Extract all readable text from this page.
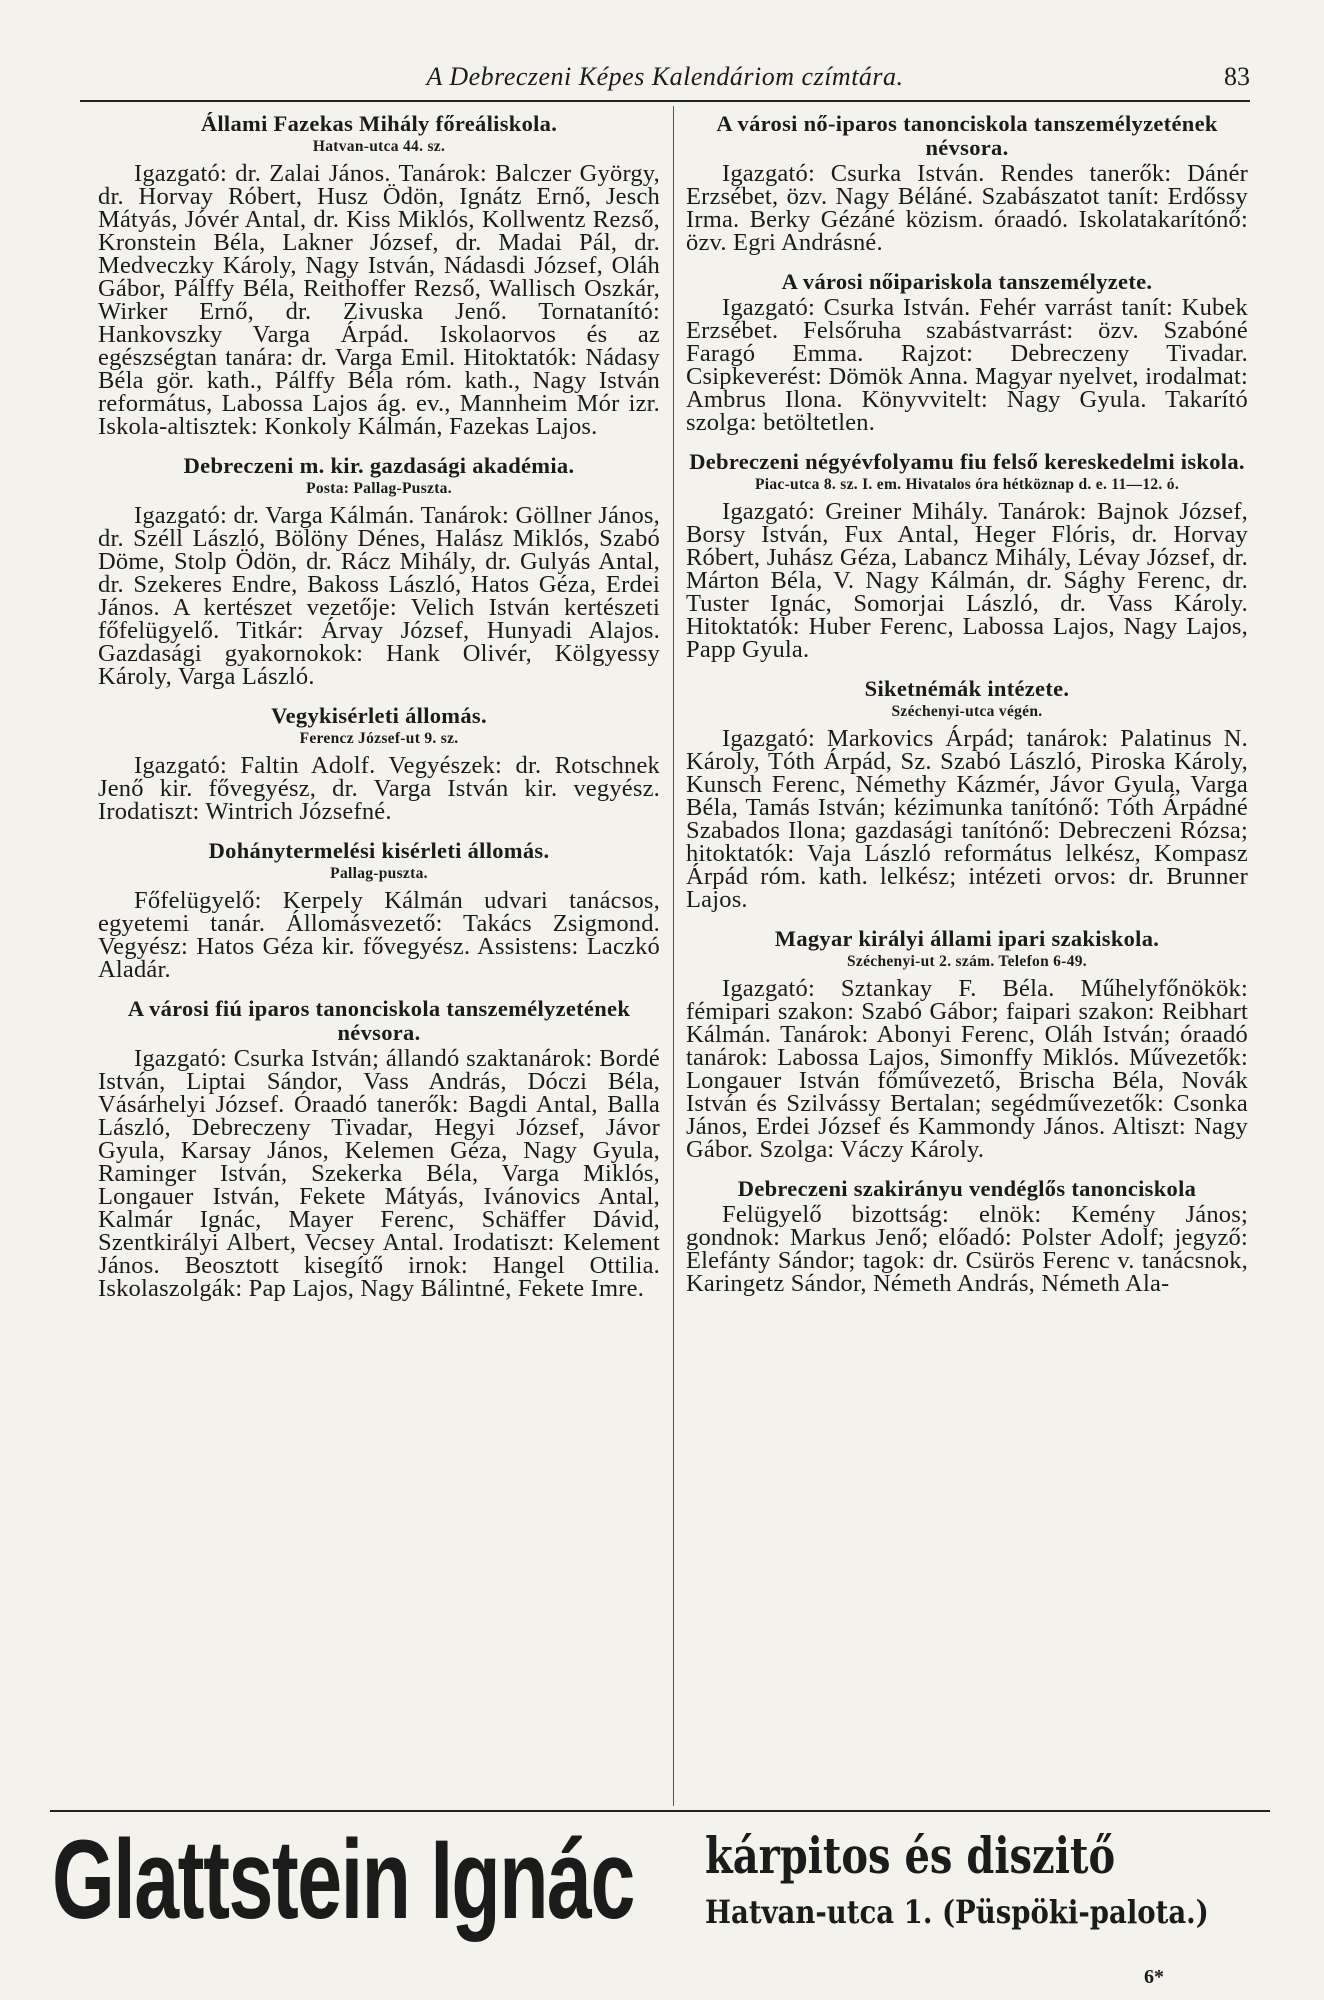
A Debreczeni Képes Kalendáriom czímtára.	83
Állami Fazekas Mihály főreáliskola.
Hatvan-utca 44. sz.

Igazgató: dr. Zalai János. Tanárok: Balczer György, dr. Horvay Róbert, Husz Ödön, Ignátz Ernő, Jesch Mátyás, Jóvér Antal, dr. Kiss Miklós, Kollwentz Rezső, Kronstein Béla, Lakner József, dr. Madai Pál, dr. Medveczky Károly, Nagy István, Nádasdi József, Oláh Gábor, Pálffy Béla, Reithoffer Rezső, Wallisch Oszkár, Wirker Ernő, dr. Zivuska Jenő. Tornatanító: Hankovszky Varga Árpád. Iskolaorvos és az egészségtan tanára: dr. Varga Emil. Hitoktatók: Nádasy Béla gör. kath., Pálffy Béla róm. kath., Nagy István református, Labossa Lajos ág. ev., Mannheim Mór izr. Iskola-altisztek: Konkoly Kálmán, Fazekas Lajos.

Debreczeni m. kir. gazdasági akadémia.
Posta: Pallag-Puszta.

Igazgató: dr. Varga Kálmán. Tanárok: Göllner János, dr. Széll László, Bölöny Dénes, Halász Miklós, Szabó Döme, Stolp Ödön, dr. Rácz Mihály, dr. Gulyás Antal, dr. Szekeres Endre, Bakoss László, Hatos Géza, Erdei János. A kertészet vezetője: Velich István kertészeti főfelügyelő. Titkár: Árvay József, Hunyadi Alajos. Gazdasági gyakornokok: Hank Olivér, Kölgyessy Károly, Varga László.

Vegykisérleti állomás.
Ferencz József-ut 9. sz.

Igazgató: Faltin Adolf. Vegyészek: dr. Rotschnek Jenő kir. fővegyész, dr. Varga István kir. vegyész. Irodatiszt: Wintrich Józsefné.

Dohánytermelési kisérleti állomás.
Pallag-puszta.

Főfelügyelő: Kerpely Kálmán udvari tanácsos, egyetemi tanár. Állomásvezető: Takács Zsigmond. Vegyész: Hatos Géza kir. fővegyész. Assistens: Laczkó Aladár.

A városi fiú iparos tanonciskola tanszemélyzetének névsora.

Igazgató: Csurka István; állandó szaktanárok: Bordé István, Liptai Sándor, Vass András, Dóczi Béla, Vásárhelyi József. Óraadó tanerők: Bagdi Antal, Balla László, Debreczeny Tivadar, Hegyi József, Jávor Gyula, Karsay János, Kelemen Géza, Nagy Gyula, Raminger István, Szekerka Béla, Varga Miklós, Longauer István, Fekete Mátyás, Ivánovics Antal, Kalmár Ignác, Mayer Ferenc, Schäffer Dávid, Szentkirályi Albert, Vecsey Antal. Irodatiszt: Kelement János. Beosztott kisegítő irnok: Hangel Ottilia. Iskolaszolgák: Pap Lajos, Nagy Bálintné, Fekete Imre.

A városi nő-iparos tanonciskola tanszemélyzetének névsora.

Igazgató: Csurka István. Rendes tanerők: Dánér Erzsébet, özv. Nagy Béláné. Szabászatot tanít: Erdőssy Irma. Berky Gézáné közism. óraadó. Iskolatakarítónő: özv. Egri Andrásné.

A városi nőipariskola tanszemélyzete.

Igazgató: Csurka István. Fehér varrást tanít: Kubek Erzsébet. Felsőruha szabástvarrást: özv. Szabóné Faragó Emma. Rajzot: Debreczeny Tivadar. Csipkeverést: Dömök Anna. Magyar nyelvet, irodalmat: Ambrus Ilona. Könyvvitelt: Nagy Gyula. Takarító szolga: betöltetlen.

Debreczeni négyévfolyamu fiu felső kereskedelmi iskola.
Piac-utca 8. sz. I. em. Hivatalos óra hétköznap d. e. 11—12. ó.

Igazgató: Greiner Mihály. Tanárok: Bajnok József, Borsy István, Fux Antal, Heger Flóris, dr. Horvay Róbert, Juhász Géza, Labancz Mihály, Lévay József, dr. Márton Béla, V. Nagy Kálmán, dr. Sághy Ferenc, dr. Tuster Ignác, Somorjai László, dr. Vass Károly. Hitoktatók: Huber Ferenc, Labossa Lajos, Nagy Lajos, Papp Gyula.

Siketnémák intézete.
Széchenyi-utca végén.

Igazgató: Markovics Árpád; tanárok: Palatinus N. Károly, Tóth Árpád, Sz. Szabó László, Piroska Károly, Kunsch Ferenc, Némethy Kázmér, Jávor Gyula, Varga Béla, Tamás István; kézimunka tanítónő: Tóth Árpádné Szabados Ilona; gazdasági tanítónő: Debreczeni Rózsa; hitoktatók: Vaja László református lelkész, Kompasz Árpád róm. kath. lelkész; intézeti orvos: dr. Brunner Lajos.

Magyar királyi állami ipari szakiskola.
Széchenyi-ut 2. szám. Telefon 6-49.

Igazgató: Sztankay F. Béla. Műhelyfőnökök: fémipari szakon: Szabó Gábor; faipari szakon: Reibhart Kálmán. Tanárok: Abonyi Ferenc, Oláh István; óraadó tanárok: Labossa Lajos, Simonffy Miklós. Művezetők: Longauer István főművezető, Brischa Béla, Novák István és Szilvássy Bertalan; segédművezetők: Csonka János, Erdei József és Kammondy János. Altiszt: Nagy Gábor. Szolga: Váczy Károly.

Debreczeni szakirányu vendéglős tanonciskola

Felügyelő bizottság: elnök: Kemény János; gondnok: Markus Jenő; előadó: Polster Adolf; jegyző: Elefánty Sándor; tagok: dr. Csürös Ferenc v. tanácsnok, Karingetz Sándor, Németh András, Németh Ala-

Glattstein Ignác kárpitos és diszitő
Hatvan-utca 1. (Püspöki-palota.)
6*
